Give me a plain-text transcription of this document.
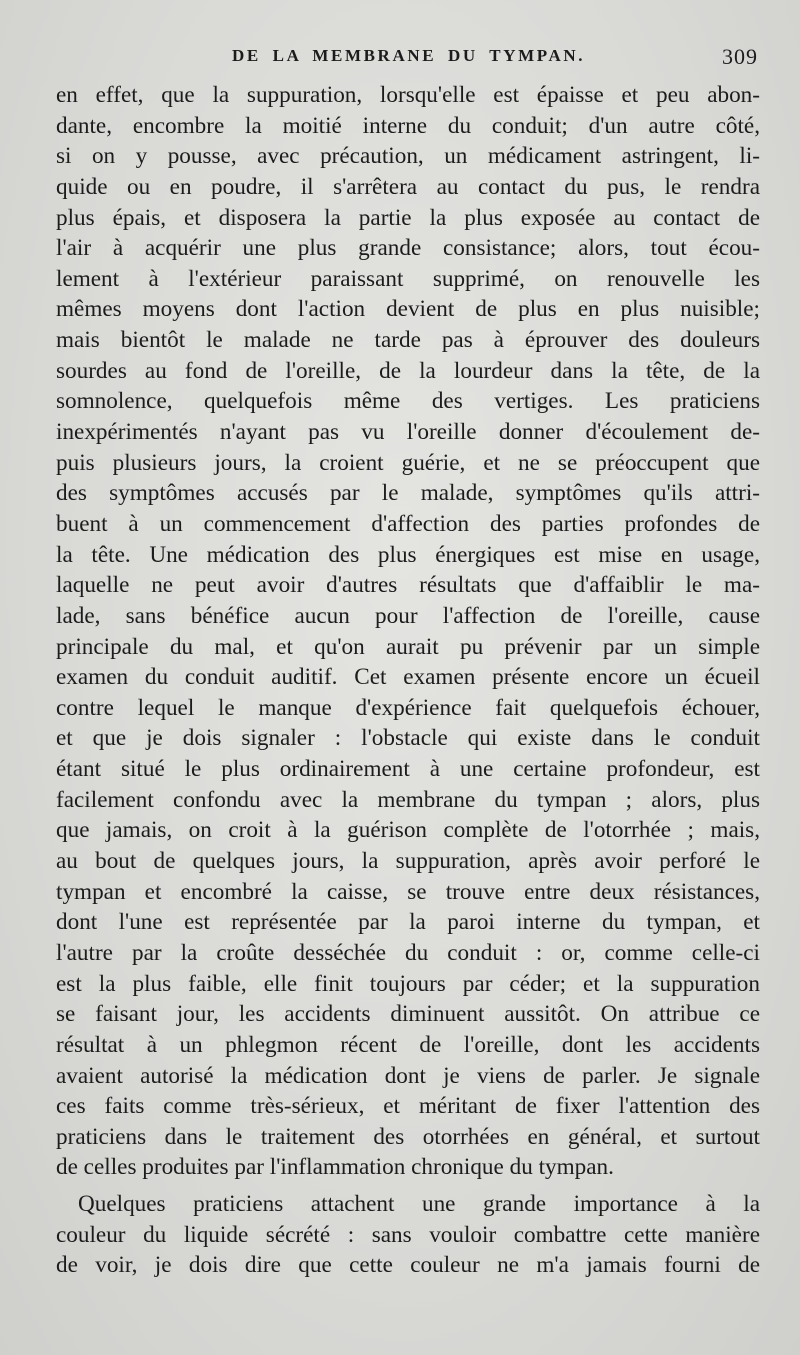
DE LA MEMBRANE DU TYMPAN.	309
en effet, que la suppuration, lorsqu'elle est épaisse et peu abon-
dante, encombre la moitié interne du conduit; d'un autre côté,
si on y pousse, avec précaution, un médicament astringent, li-
quide ou en poudre, il s'arrêtera au contact du pus, le rendra
plus épais, et disposera la partie la plus exposée au contact de
l'air à acquérir une plus grande consistance; alors, tout écou-
lement à l'extérieur paraissant supprimé, on renouvelle les
mêmes moyens dont l'action devient de plus en plus nuisible;
mais bientôt le malade ne tarde pas à éprouver des douleurs
sourdes au fond de l'oreille, de la lourdeur dans la tête, de la
somnolence, quelquefois même des vertiges. Les praticiens
inexpérimentés n'ayant pas vu l'oreille donner d'écoulement de-
puis plusieurs jours, la croient guérie, et ne se préoccupent que
des symptômes accusés par le malade, symptômes qu'ils attri-
buent à un commencement d'affection des parties profondes de
la tête. Une médication des plus énergiques est mise en usage,
laquelle ne peut avoir d'autres résultats que d'affaiblir le ma-
lade, sans bénéfice aucun pour l'affection de l'oreille, cause
principale du mal, et qu'on aurait pu prévenir par un simple
examen du conduit auditif. Cet examen présente encore un écueil
contre lequel le manque d'expérience fait quelquefois échouer,
et que je dois signaler : l'obstacle qui existe dans le conduit
étant situé le plus ordinairement à une certaine profondeur, est
facilement confondu avec la membrane du tympan ; alors, plus
que jamais, on croit à la guérison complète de l'otorrhée ; mais,
au bout de quelques jours, la suppuration, après avoir perforé le
tympan et encombré la caisse, se trouve entre deux résistances,
dont l'une est représentée par la paroi interne du tympan, et
l'autre par la croûte desséchée du conduit : or, comme celle-ci
est la plus faible, elle finit toujours par céder; et la suppuration
se faisant jour, les accidents diminuent aussitôt. On attribue ce
résultat à un phlegmon récent de l'oreille, dont les accidents
avaient autorisé la médication dont je viens de parler. Je signale
ces faits comme très-sérieux, et méritant de fixer l'attention des
praticiens dans le traitement des otorrhées en général, et surtout
de celles produites par l'inflammation chronique du tympan.
Quelques praticiens attachent une grande importance à la
couleur du liquide sécrété : sans vouloir combattre cette manière
de voir, je dois dire que cette couleur ne m'a jamais fourni de
